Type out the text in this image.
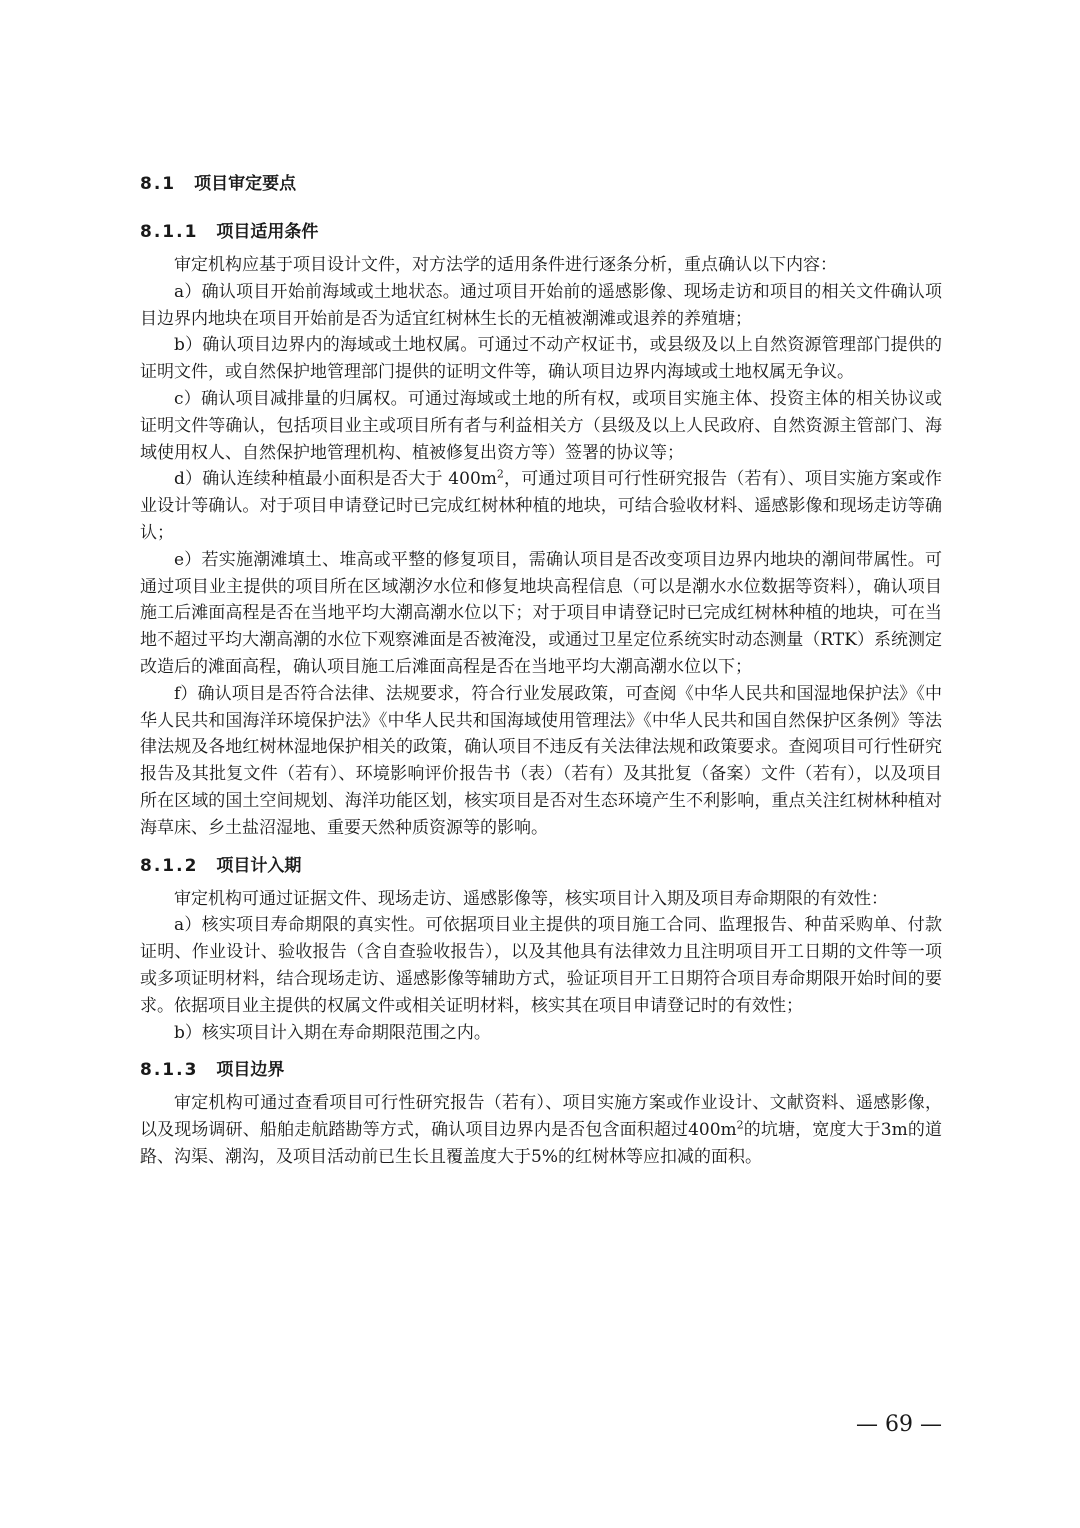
8.1 项目审定要点
8.1.1 项目适用条件

审定机构应基于项目设计文件，对方法学的适用条件进行逐条分析，重点确认以下内容：

a）确认项目开始前海域或土地状态。通过项目开始前的遥感影像、现场走访和项目的相关文件确认项目边界内地块在项目开始前是否为适宜红树林生长的无植被潮滩或退养的养殖塘；

b）确认项目边界内的海域或土地权属。可通过不动产权证书，或县级及以上自然资源管理部门提供的证明文件，或自然保护地管理部门提供的证明文件等，确认项目边界内海域或土地权属无争议。

c）确认项目减排量的归属权。可通过海域或土地的所有权，或项目实施主体、投资主体的相关协议或证明文件等确认，包括项目业主或项目所有者与利益相关方（县级及以上人民政府、自然资源主管部门、海域使用权人、自然保护地管理机构、植被修复出资方等）签署的协议等；

d）确认连续种植最小面积是否大于 $400m^2$，可通过项目可行性研究报告（若有）、项目实施方案或作业设计等确认。对于项目申请登记时已完成红树林种植的地块，可结合验收材料、遥感影像和现场走访等确认；

e）若实施潮滩填土、堆高或平整的修复项目，需确认项目是否改变项目边界内地块的潮间带属性。可通过项目业主提供的项目所在区域潮汐水位和修复地块高程信息（可以是潮水水位数据等资料），确认项目施工后滩面高程是否在当地平均大潮高潮水位以下；对于项目申请登记时已完成红树林种植的地块，可在当地不超过平均大潮高潮的水位下观察滩面是否被淹没，或通过卫星定位系统实时动态测量（RTK）系统测定改造后的滩面高程，确认项目施工后滩面高程是否在当地平均大潮高潮水位以下；

f）确认项目是否符合法律、法规要求，符合行业发展政策，可查阅《中华人民共和国湿地保护法》《中华人民共和国海洋环境保护法》《中华人民共和国海域使用管理法》《中华人民共和国自然保护区条例》等法律法规及各地红树林湿地保护相关的政策，确认项目不违反有关法律法规和政策要求。查阅项目可行性研究报告及其批复文件（若有）、环境影响评价报告书（表）（若有）及其批复（备案）文件（若有），以及项目所在区域的国土空间规划、海洋功能区划，核实项目是否对生态环境产生不利影响，重点关注红树林种植对海草床、乡土盐沼湿地、重要天然种质资源等的影响。

8.1.2 项目计入期

审定机构可通过证据文件、现场走访、遥感影像等，核实项目计入期及项目寿命期限的有效性：

a）核实项目寿命期限的真实性。可依据项目业主提供的项目施工合同、监理报告、种苗采购单、付款证明、作业设计、验收报告（含自查验收报告），以及其他具有法律效力且注明项目开工日期的文件等一项或多项证明材料，结合现场走访、遥感影像等辅助方式，验证项目开工日期符合项目寿命期限开始时间的要求。依据项目业主提供的权属文件或相关证明材料，核实其在项目申请登记时的有效性；

b）核实项目计入期在寿命期限范围之内。

8.1.3 项目边界

审定机构可通过查看项目可行性研究报告（若有）、项目实施方案或作业设计、文献资料、遥感影像，以及现场调研、船舶走航踏勘等方式，确认项目边界内是否包含面积超过$400m^2$的坑塘，宽度大于3m的道路、沟渠、潮沟，及项目活动前已生长且覆盖度大于5%的红树林等应扣减的面积。

— 69 —
